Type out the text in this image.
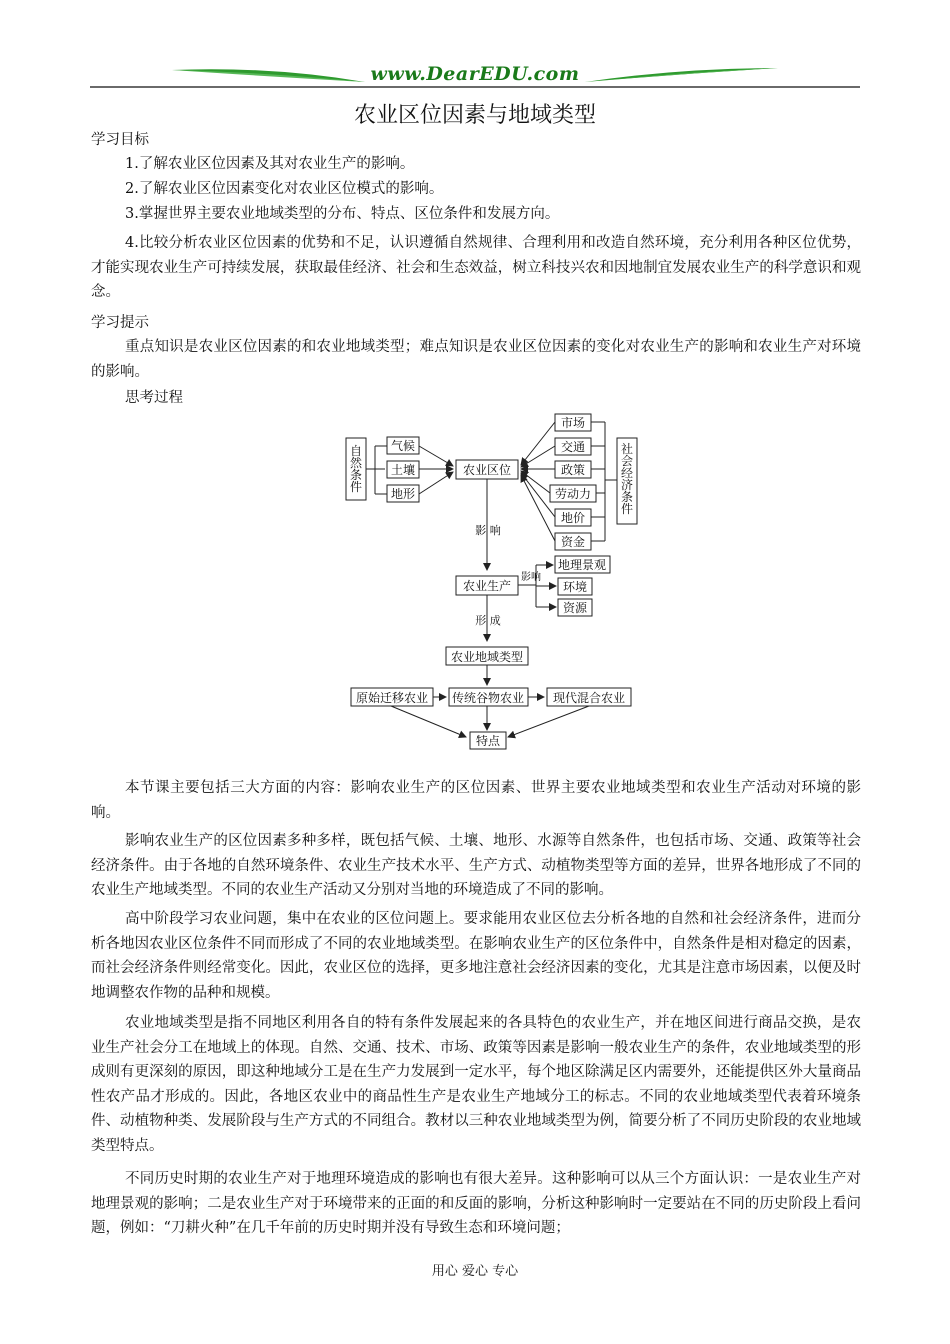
www.DearEDU.com
农业区位因素与地域类型
学习目标

1.了解农业区位因素及其对农业生产的影响。

2.了解农业区位因素变化对农业区位模式的影响。

3.掌握世界主要农业地域类型的分布、特点、区位条件和发展方向。

4.比较分析农业区位因素的优势和不足，认识遵循自然规律、合理利用和改造自然环境，充分利用各种区位优势，才能实现农业生产可持续发展，获取最佳经济、社会和生态效益，树立科技兴农和因地制宜发展农业生产的科学意识和观念。

学习提示

重点知识是农业区位因素的和农业地域类型；难点知识是农业区位因素的变化对农业生产的影响和农业生产对环境的影响。

思考过程

自然条件
气候
土壤
地形
农业区位
市场
交通
政策
劳动力
地价
资金
社会经济条件
影 响
农业生产
影响
地理景观
环境
资源
形 成
农业地域类型
原始迁移农业 传统谷物农业 现代混合农业
特点

本节课主要包括三大方面的内容：影响农业生产的区位因素、世界主要农业地域类型和农业生产活动对环境的影响。

影响农业生产的区位因素多种多样，既包括气候、土壤、地形、水源等自然条件，也包括市场、交通、政策等社会经济条件。由于各地的自然环境条件、农业生产技术水平、生产方式、动植物类型等方面的差异，世界各地形成了不同的农业生产地域类型。不同的农业生产活动又分别对当地的环境造成了不同的影响。

高中阶段学习农业问题，集中在农业的区位问题上。要求能用农业区位去分析各地的自然和社会经济条件，进而分析各地因农业区位条件不同而形成了不同的农业地域类型。在影响农业生产的区位条件中，自然条件是相对稳定的因素，而社会经济条件则经常变化。因此，农业区位的选择，更多地注意社会经济因素的变化，尤其是注意市场因素，以便及时地调整农作物的品种和规模。

农业地域类型是指不同地区利用各自的特有条件发展起来的各具特色的农业生产，并在地区间进行商品交换，是农业生产社会分工在地域上的体现。自然、交通、技术、市场、政策等因素是影响一般农业生产的条件，农业地域类型的形成则有更深刻的原因，即这种地域分工是在生产力发展到一定水平，每个地区除满足区内需要外，还能提供区外大量商品性农产品才形成的。因此，各地区农业中的商品性生产是农业生产地域分工的标志。不同的农业地域类型代表着环境条件、动植物种类、发展阶段与生产方式的不同组合。教材以三种农业地域类型为例，简要分析了不同历史阶段的农业地域类型特点。

不同历史时期的农业生产对于地理环境造成的影响也有很大差异。这种影响可以从三个方面认识：一是农业生产对地理景观的影响；二是农业生产对于环境带来的正面的和反面的影响，分析这种影响时一定要站在不同的历史阶段上看问题，例如：“刀耕火种”在几千年前的历史时期并没有导致生态和环境问题；

用心 爱心 专心
